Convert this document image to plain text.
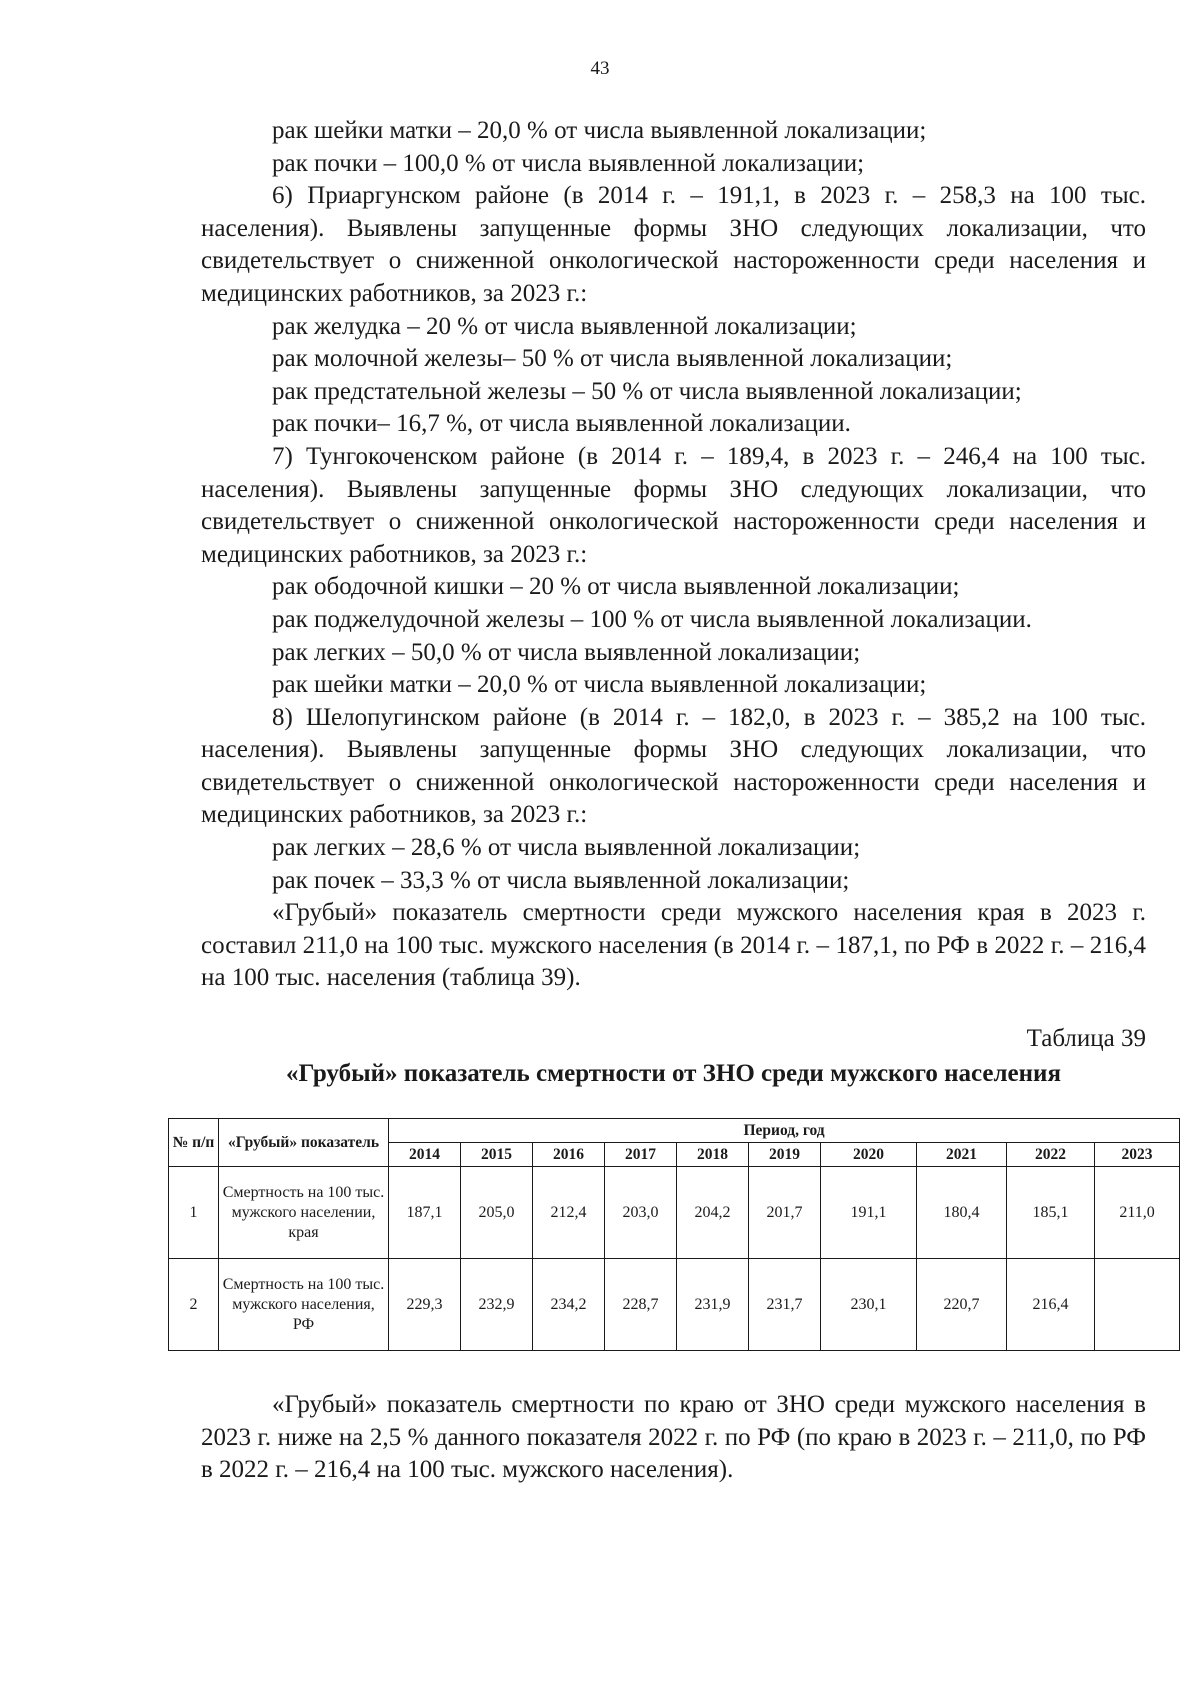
43

рак шейки матки – 20,0 % от числа выявленной локализации;

рак почки – 100,0 % от числа выявленной локализации;

6) Приаргунском районе (в 2014 г. – 191,1, в 2023 г. – 258,3 на 100 тыс. населения). Выявлены запущенные формы ЗНО следующих локализации, что свидетельствует о сниженной онкологической настороженности среди населения и медицинских работников, за 2023 г.:

рак желудка – 20 % от числа выявленной локализации;

рак молочной железы– 50 % от числа выявленной локализации;

рак предстательной железы – 50 % от числа выявленной локализации;

рак почки– 16,7 %, от числа выявленной локализации.

7) Тунгокоченском районе (в 2014 г. – 189,4, в 2023 г. – 246,4 на 100 тыс. населения). Выявлены запущенные формы ЗНО следующих локализации, что свидетельствует о сниженной онкологической настороженности среди населения и медицинских работников, за 2023 г.:

рак ободочной кишки – 20 % от числа выявленной локализации;

рак поджелудочной железы – 100 % от числа выявленной локализации.

рак легких – 50,0 % от числа выявленной локализации;

рак шейки матки – 20,0 % от числа выявленной локализации;

8) Шелопугинском районе (в 2014 г. – 182,0, в 2023 г. – 385,2 на 100 тыс. населения). Выявлены запущенные формы ЗНО следующих локализации, что свидетельствует о сниженной онкологической настороженности среди населения и медицинских работников, за 2023 г.:

рак легких – 28,6 % от числа выявленной локализации;

рак почек – 33,3 % от числа выявленной локализации;

«Грубый» показатель смертности среди мужского населения края в 2023 г. составил 211,0 на 100 тыс. мужского населения (в 2014 г. – 187,1, по РФ в 2022 г. – 216,4 на 100 тыс. населения (таблица 39).

Таблица 39
«Грубый» показатель смертности от ЗНО среди мужского населения
№ п/п	«Грубый» показатель	Период, год									
		2014	2015	2016	2017	2018	2019	2020	2021	2022	2023
1	Смертность на 100 тыс. мужского населении, края	187,1	205,0	212,4	203,0	204,2	201,7	191,1	180,4	185,1	211,0
2	Смертность на 100 тыс. мужского населения, РФ	229,3	232,9	234,2	228,7	231,9	231,7	230,1	220,7	216,4	

«Грубый» показатель смертности по краю от ЗНО среди мужского населения в 2023 г. ниже на 2,5 % данного показателя 2022 г. по РФ (по краю в 2023 г. – 211,0, по РФ в 2022 г. – 216,4 на 100 тыс. мужского населения).
